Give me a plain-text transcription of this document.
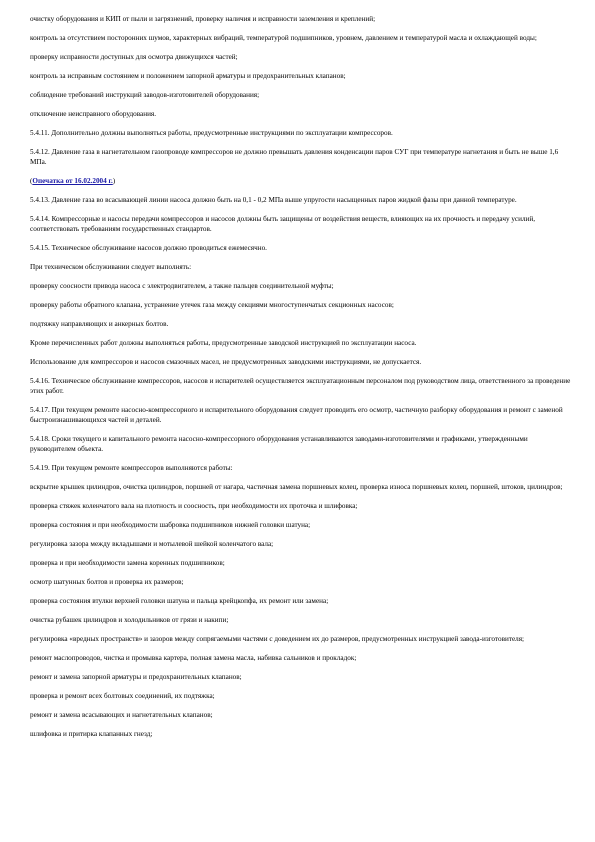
очистку оборудования и КИП от пыли и загрязнений, проверку наличия и исправности заземления и креплений;

контроль за отсутствием посторонних шумов, характерных вибраций, температурой подшипников, уровнем, давлением и температурой масла и охлаждающей воды;

проверку исправности доступных для осмотра движущихся частей;

контроль за исправным состоянием и положением запорной арматуры и предохранительных клапанов;

соблюдение требований инструкций заводов-изготовителей оборудования;

отключение неисправного оборудования.

5.4.11. Дополнительно должны выполняться работы, предусмотренные инструкциями по эксплуатации компрессоров.

5.4.12. Давление газа в нагнетательном газопроводе компрессоров не должно превышать давления конденсации паров СУГ при температуре нагнетания и быть не выше 1,6 МПа.

(Опечатка от 16.02.2004 г.)

5.4.13. Давление газа во всасывающей линии насоса должно быть на 0,1 - 0,2 МПа выше упругости насыщенных паров жидкой фазы при данной температуре.

5.4.14. Компрессорные и насосы передачи компрессоров и насосов должны быть защищены от воздействия веществ, влияющих на их прочность и передачу усилий, соответствовать требованиям государственных стандартов.

5.4.15. Техническое обслуживание насосов должно проводиться ежемесячно.

При техническом обслуживании следует выполнять:

проверку соосности привода насоса с электродвигателем, а также пальцев соединительной муфты;

проверку работы обратного клапана, устранение утечек газа между секциями многоступенчатых секционных насосов;

подтяжку направляющих и анкерных болтов.

Кроме перечисленных работ должны выполняться работы, предусмотренные заводской инструкцией по эксплуатации насоса.

Использование для компрессоров и насосов смазочных масел, не предусмотренных заводскими инструкциями, не допускается.

5.4.16. Техническое обслуживание компрессоров, насосов и испарителей осуществляется эксплуатационным персоналом под руководством лица, ответственного за проведение этих работ.

5.4.17. При текущем ремонте насосно-компрессорного и испарительного оборудования следует проводить его осмотр, частичную разборку оборудования и ремонт с заменой быстроизнашивающихся частей и деталей.

5.4.18. Сроки текущего и капитального ремонта насосно-компрессорного оборудования устанавливаются заводами-изготовителями и графиками, утвержденными руководителем объекта.

5.4.19. При текущем ремонте компрессоров выполняются работы:

вскрытие крышек цилиндров, очистка цилиндров, поршней от нагара, частичная замена поршневых колец, проверка износа поршневых колец, поршней, штоков, цилиндров;

проверка стяжек коленчатого вала на плотность и соосность, при необходимости их проточка и шлифовка;

проверка состояния и при необходимости шабровка подшипников нижней головки шатуна;

регулировка зазора между вкладышами и мотылевой шейкой коленчатого вала;

проверка и при необходимости замена коренных подшипников;

осмотр шатунных болтов и проверка их размеров;

проверка состояния втулки верхней головки шатуна и пальца крейцкопфа, их ремонт или замена;

очистка рубашек цилиндров и холодильников от грязи и накипи;

регулировка «вредных пространств» и зазоров между сопрягаемыми частями с доведением их до размеров, предусмотренных инструкцией завода-изготовителя;

ремонт маслопроводов, чистка и промывка картера, полная замена масла, набивка сальников и прокладок;

ремонт и замена запорной арматуры и предохранительных клапанов;

проверка и ремонт всех болтовых соединений, их подтяжка;

ремонт и замена всасывающих и нагнетательных клапанов;

шлифовка и притирка клапанных гнезд;
